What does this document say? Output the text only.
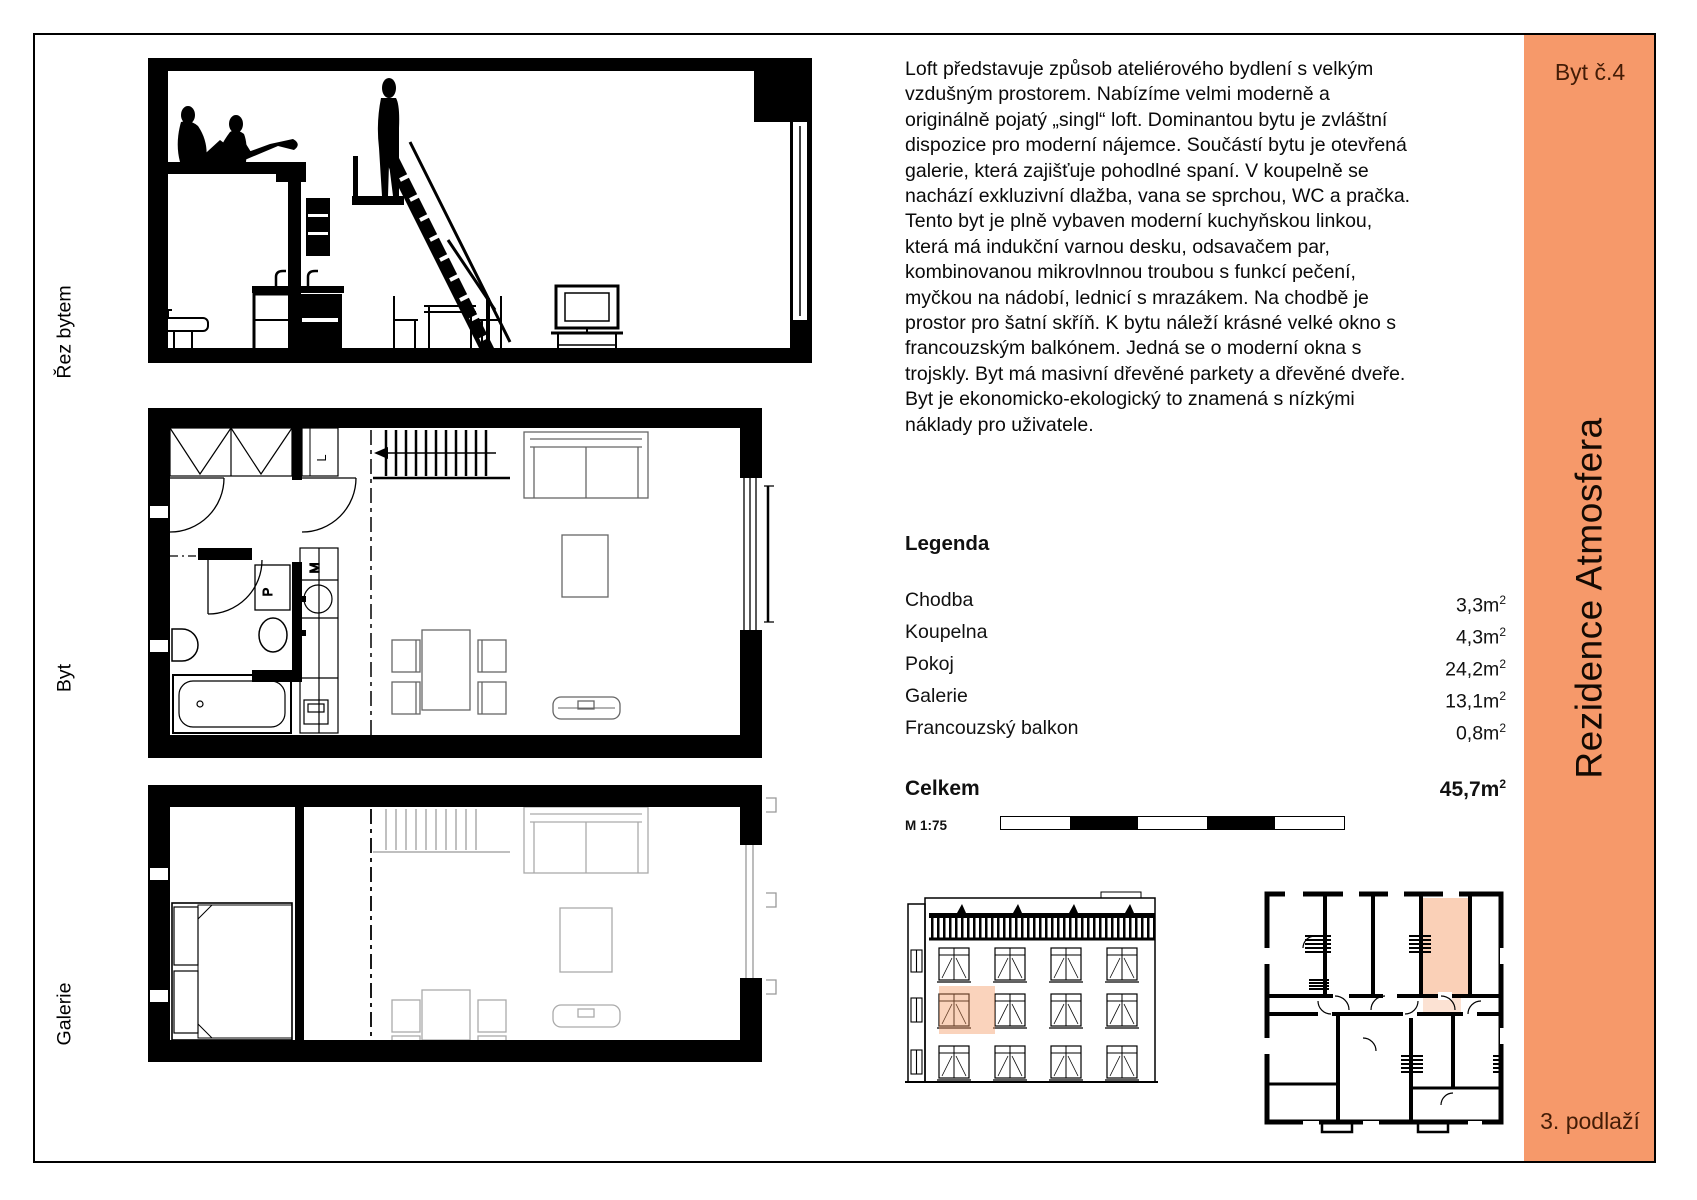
Řez bytem
Byt
Galerie
L
M
P
Loft představuje způsob ateliérového bydlení s velkým vzdušným prostorem. Nabízíme velmi moderně a originálně pojatý „singl“ loft. Dominantou bytu je zvláštní dispozice pro moderní nájemce. Součástí bytu je otevřená galerie, která zajišťuje pohodlné spaní. V koupelně se nachází exkluzivní dlažba, vana se sprchou, WC a pračka. Tento byt je plně vybaven moderní kuchyňskou linkou, která má indukční varnou desku, odsavačem par, kombinovanou mikrovlnnou troubou s funkcí pečení, myčkou na nádobí, lednicí s mrazákem. Na chodbě je prostor pro šatní skříň. K bytu náleží krásné velké okno s francouzským balkónem. Jedná se o moderní okna s trojskly. Byt má masivní dřevěné parkety a dřevěné dveře. Byt je ekonomicko-ekologický to znamená s nízkými náklady pro uživatele.
Legenda
Chodba	$3,3m^2$
Koupelna	$4,3m^2$
Pokoj	$24,2m^2$
Galerie	$13,1m^2$
Francouzský balkon	$0,8m^2$
Celkem	$45,7m^2$
M 1:75
Byt č.4
Rezidence Atmosfera
3. podlaží
